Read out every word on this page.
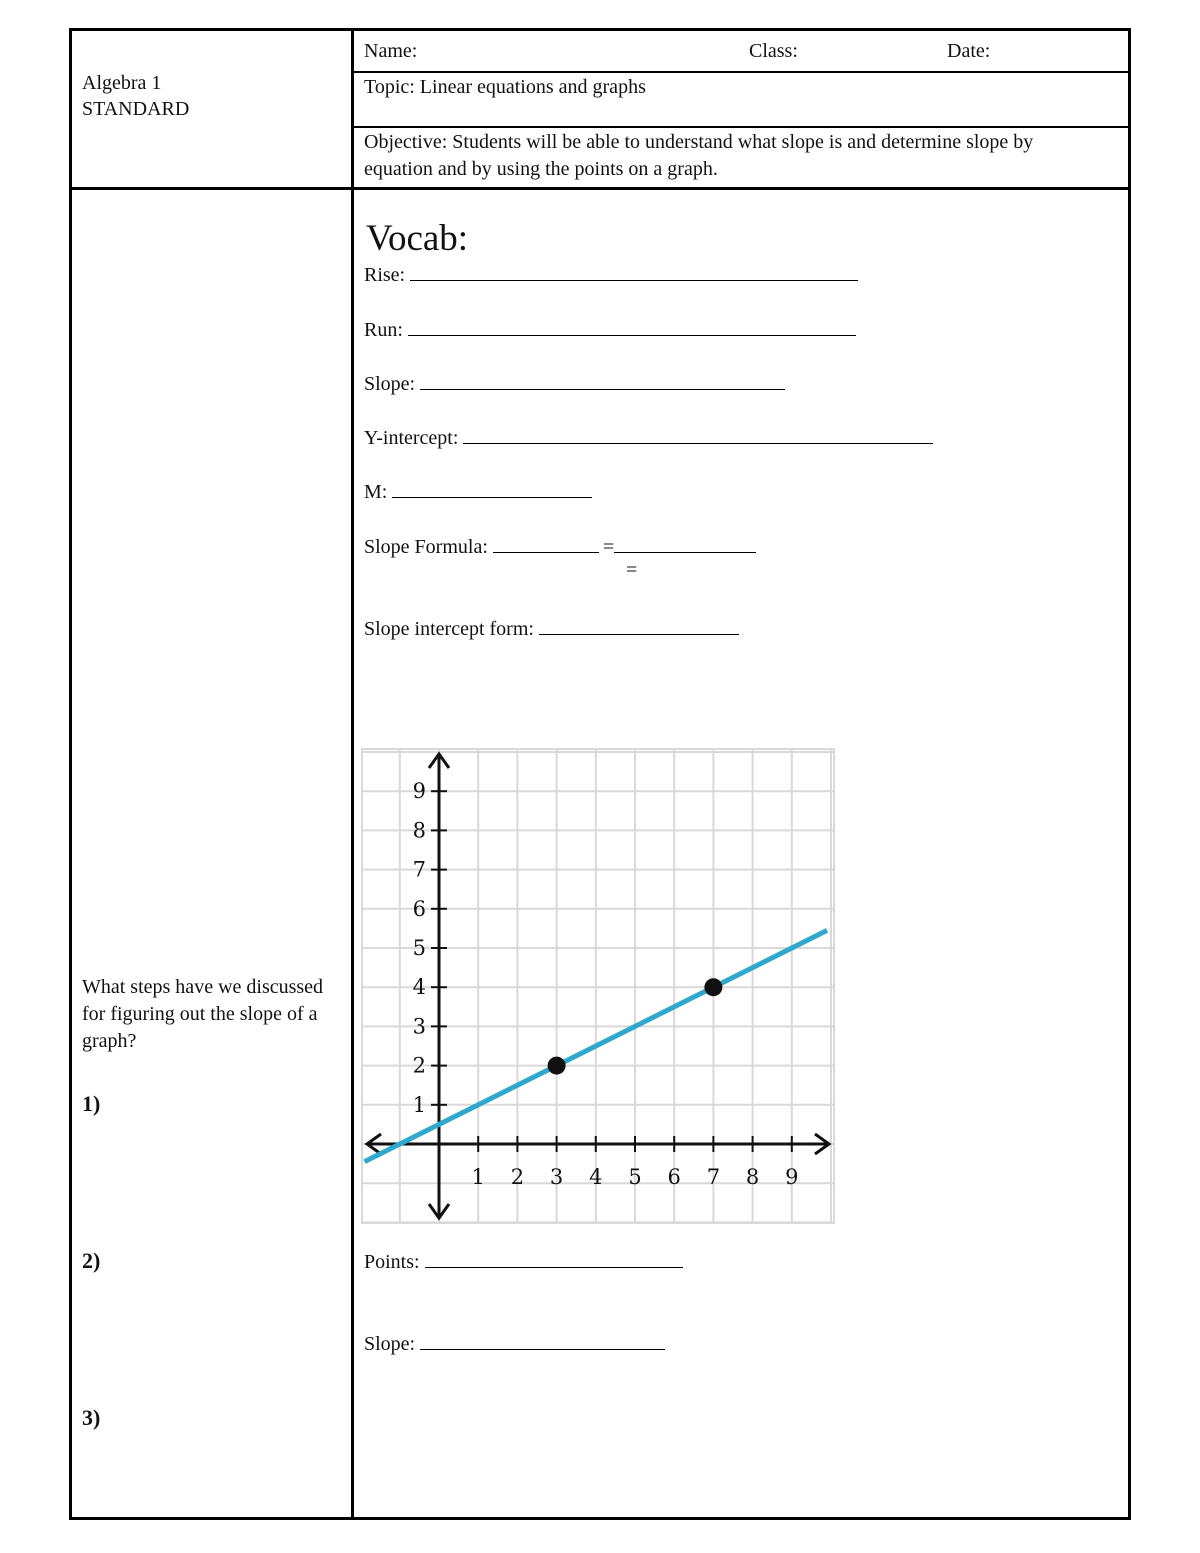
Algebra 1
STANDARD
Name:	Class:	Date:
Topic: Linear equations and graphs
Objective: Students will be able to understand what slope is and determine slope by equation and by using the points on a graph.
What steps have we discussed for figuring out the slope of a graph?
1)
2)
3)
Vocab:
Rise:
Run:
Slope:
Y-intercept:
M:
Slope Formula:	=
=
Slope intercept form:
1 2 3 4 5 6 7 8 9
1
2
3
4
5
6
7
8
9
Points:
Slope:
